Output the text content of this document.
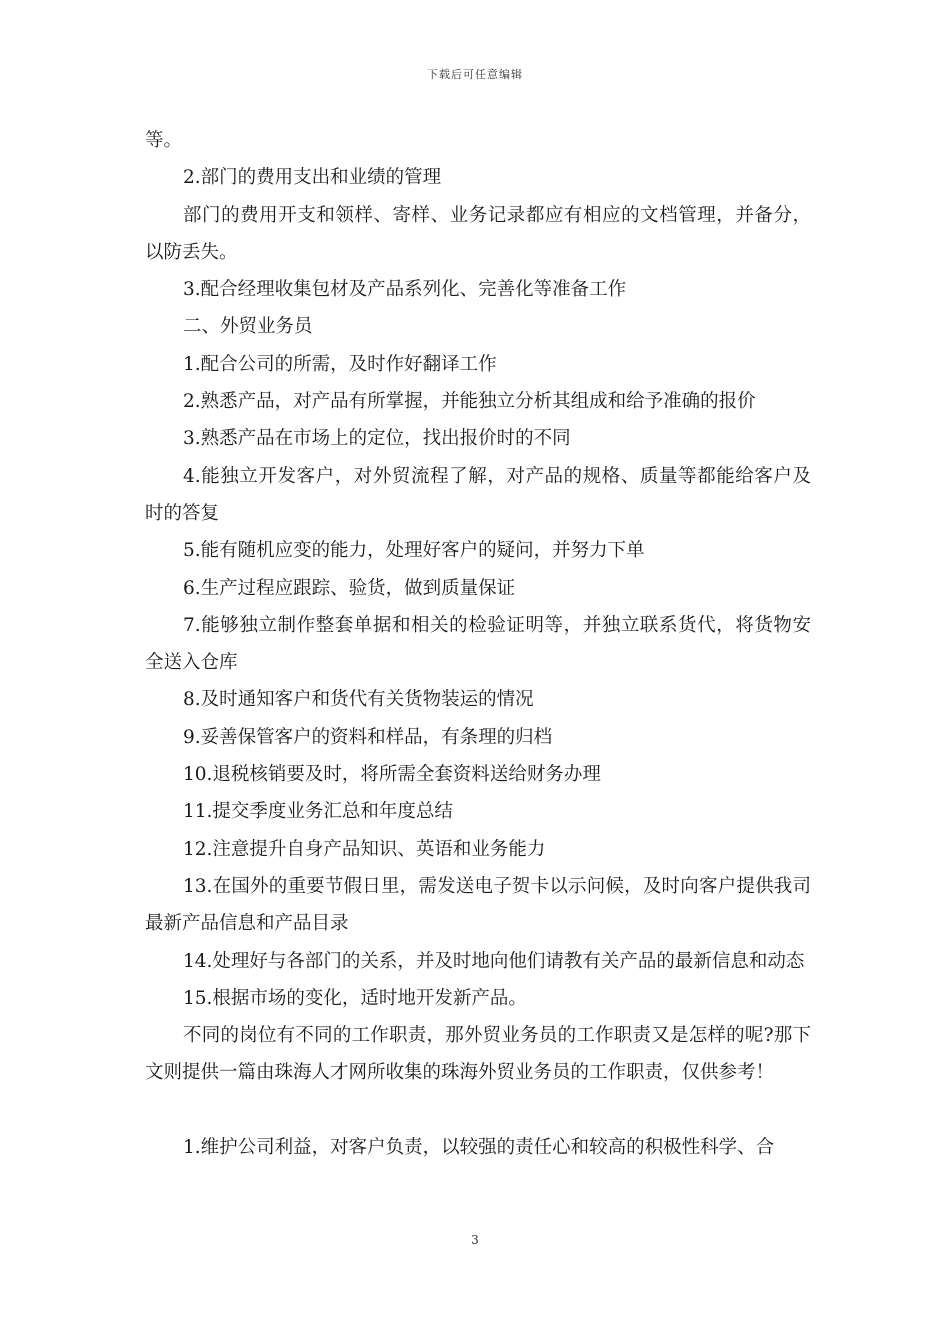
下载后可任意编辑

等。

2.部门的费用支出和业绩的管理

部门的费用开支和领样、寄样、业务记录都应有相应的文档管理，并备分，以防丢失。

3.配合经理收集包材及产品系列化、完善化等准备工作

二、外贸业务员

1.配合公司的所需，及时作好翻译工作

2.熟悉产品，对产品有所掌握，并能独立分析其组成和给予准确的报价

3.熟悉产品在市场上的定位，找出报价时的不同

4.能独立开发客户，对外贸流程了解，对产品的规格、质量等都能给客户及时的答复

5.能有随机应变的能力，处理好客户的疑问，并努力下单

6.生产过程应跟踪、验货，做到质量保证

7.能够独立制作整套单据和相关的检验证明等，并独立联系货代，将货物安全送入仓库

8.及时通知客户和货代有关货物装运的情况

9.妥善保管客户的资料和样品，有条理的归档

10.退税核销要及时，将所需全套资料送给财务办理

11.提交季度业务汇总和年度总结

12.注意提升自身产品知识、英语和业务能力

13.在国外的重要节假日里，需发送电子贺卡以示问候，及时向客户提供我司最新产品信息和产品目录

14.处理好与各部门的关系，并及时地向他们请教有关产品的最新信息和动态

15.根据市场的变化，适时地开发新产品。

不同的岗位有不同的工作职责，那外贸业务员的工作职责又是怎样的呢?那下文则提供一篇由珠海人才网所收集的珠海外贸业务员的工作职责，仅供参考！

1.维护公司利益，对客户负责，以较强的责任心和较高的积极性科学、合

3
